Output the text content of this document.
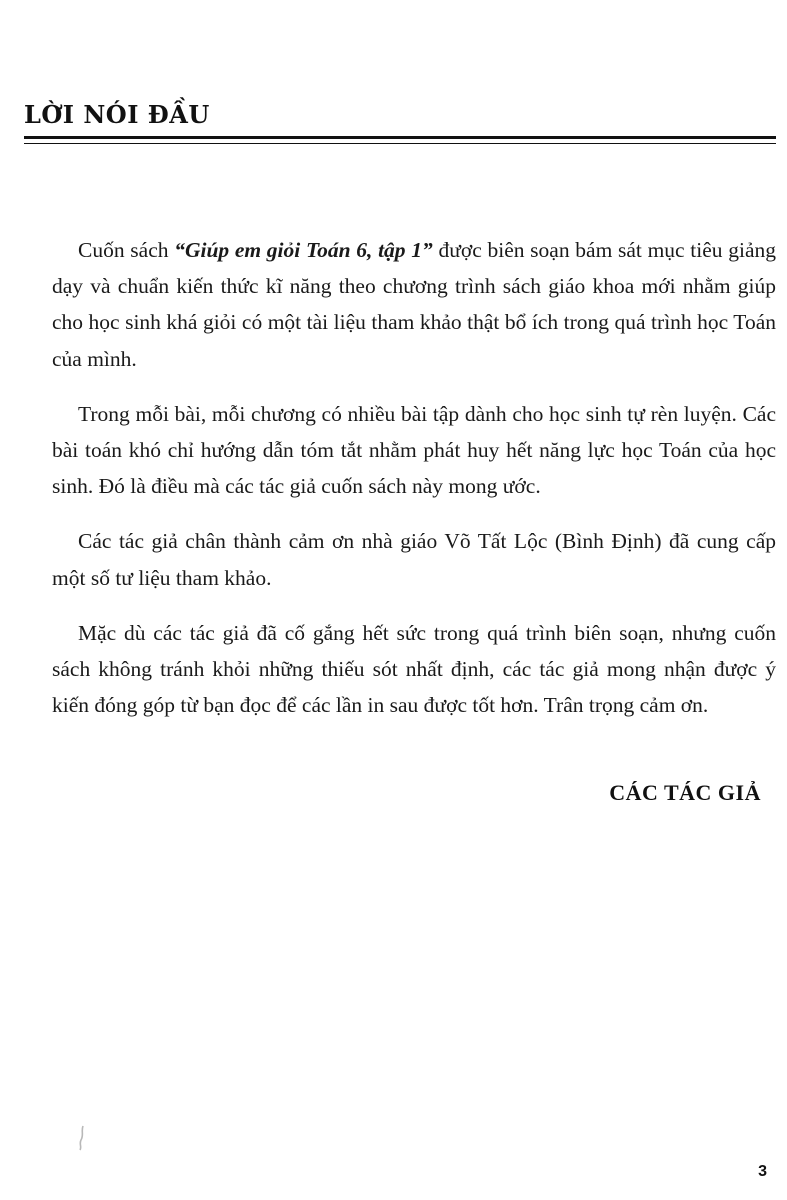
LỜI NÓI ĐẦU

Cuốn sách “Giúp em giỏi Toán 6, tập 1” được biên soạn bám sát mục tiêu giảng dạy và chuẩn kiến thức kĩ năng theo chương trình sách giáo khoa mới nhằm giúp cho học sinh khá giỏi có một tài liệu tham khảo thật bổ ích trong quá trình học Toán của mình.

Trong mỗi bài, mỗi chương có nhiều bài tập dành cho học sinh tự rèn luyện. Các bài toán khó chỉ hướng dẫn tóm tắt nhằm phát huy hết năng lực học Toán của học sinh. Đó là điều mà các tác giả cuốn sách này mong ước.

Các tác giả chân thành cảm ơn nhà giáo Võ Tất Lộc (Bình Định) đã cung cấp một số tư liệu tham khảo.

Mặc dù các tác giả đã cố gắng hết sức trong quá trình biên soạn, nhưng cuốn sách không tránh khỏi những thiếu sót nhất định, các tác giả mong nhận được ý kiến đóng góp từ bạn đọc để các lần in sau được tốt hơn. Trân trọng cảm ơn.

CÁC TÁC GIẢ
3
